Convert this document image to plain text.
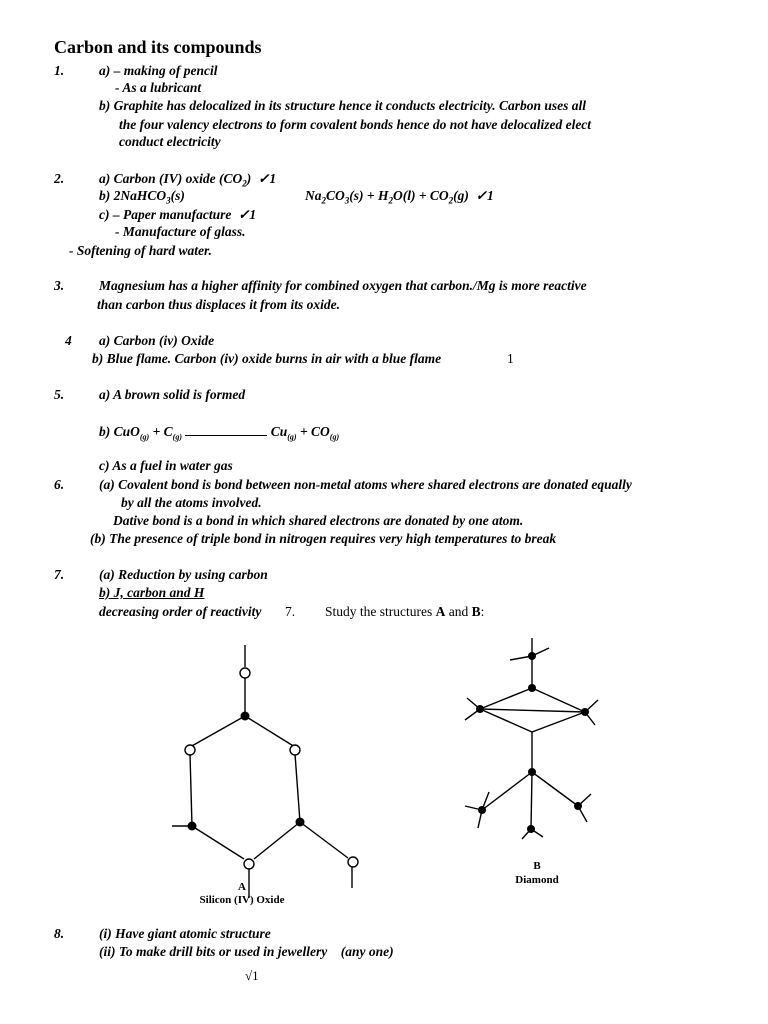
Carbon and its compounds
1.	a) – making of pencil
- As a lubricant
b) Graphite has delocalized in its structure hence it conducts electricity. Carbon uses all
the four valency electrons to form covalent bonds hence do not have delocalized elect
conduct electricity
2.	a) Carbon (IV) oxide $(CO_2)$ ✓1
b) 2NaHCO$_3$(s)	$Na_2CO_3(s) + H_2O(l) + CO_2(g)$ ✓1
c) – Paper manufacture ✓1
- Manufacture of glass.
- Softening of hard water.
3.	Magnesium has a higher affinity for combined oxygen that carbon./Mg is more reactive
than carbon thus displaces it from its oxide.
4 a) Carbon (iv) Oxide
b) Blue flame. Carbon (iv) oxide burns in air with a blue flame	1
5.	a) A brown solid is formed
b) $CuO_{(g)} + C_{(g)}$	$Cu_{(g)} + CO_{(g)}$
c) As a fuel in water gas
6.	(a) Covalent bond is bond between non-metal atoms where shared electrons are donated equally
by all the atoms involved.
Dative bond is a bond in which shared electrons are donated by one atom.
(b) The presence of triple bond in nitrogen requires very high temperatures to break
7.	(a) Reduction by using carbon
b) J, carbon and H
decreasing order of reactivity 7. Study the structures A and B:
A
Silicon (IV) Oxide
B
Diamond
8.	(i) Have giant atomic structure
(ii) To make drill bits or used in jewellery (any one)
√1
